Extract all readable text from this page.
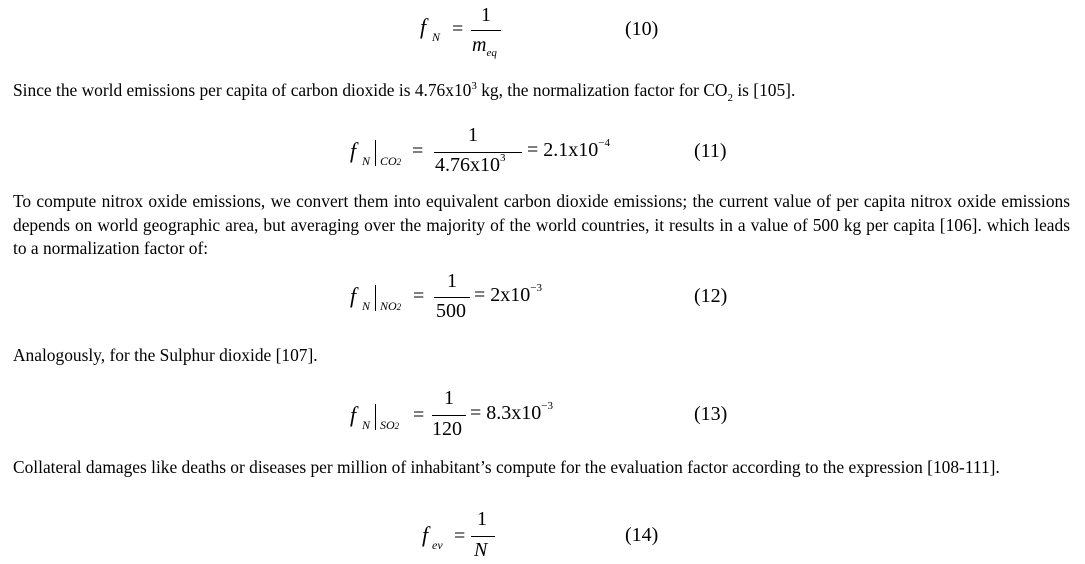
f N =
1
$m_{eq}$
(10)
Since the world emissions per capita of carbon dioxide is $4.76x10^3$ kg, the normalization factor for $CO_2$ is [105].
f N CO2 =
1
$4.76x10^3 = 2.1x10^{-4}$	(11)
To compute nitrox oxide emissions, we convert them into equivalent carbon dioxide emissions; the current value of per capita nitrox oxide emissions depends on world geographic area, but averaging over the majority of the world countries, it results in a value of 500 kg per capita [106]. which leads to a normalization factor of:
f N NO2 =
1
500
= $2x10^{-3}$	(12)
Analogously, for the Sulphur dioxide [107].
f N SO2 =
1
120
= $8.3x10^{-3}$	(13)
Collateral damages like deaths or diseases per million of inhabitant’s compute for the evaluation factor according to the expression [108-111].
f ev =
1
N
(14)
